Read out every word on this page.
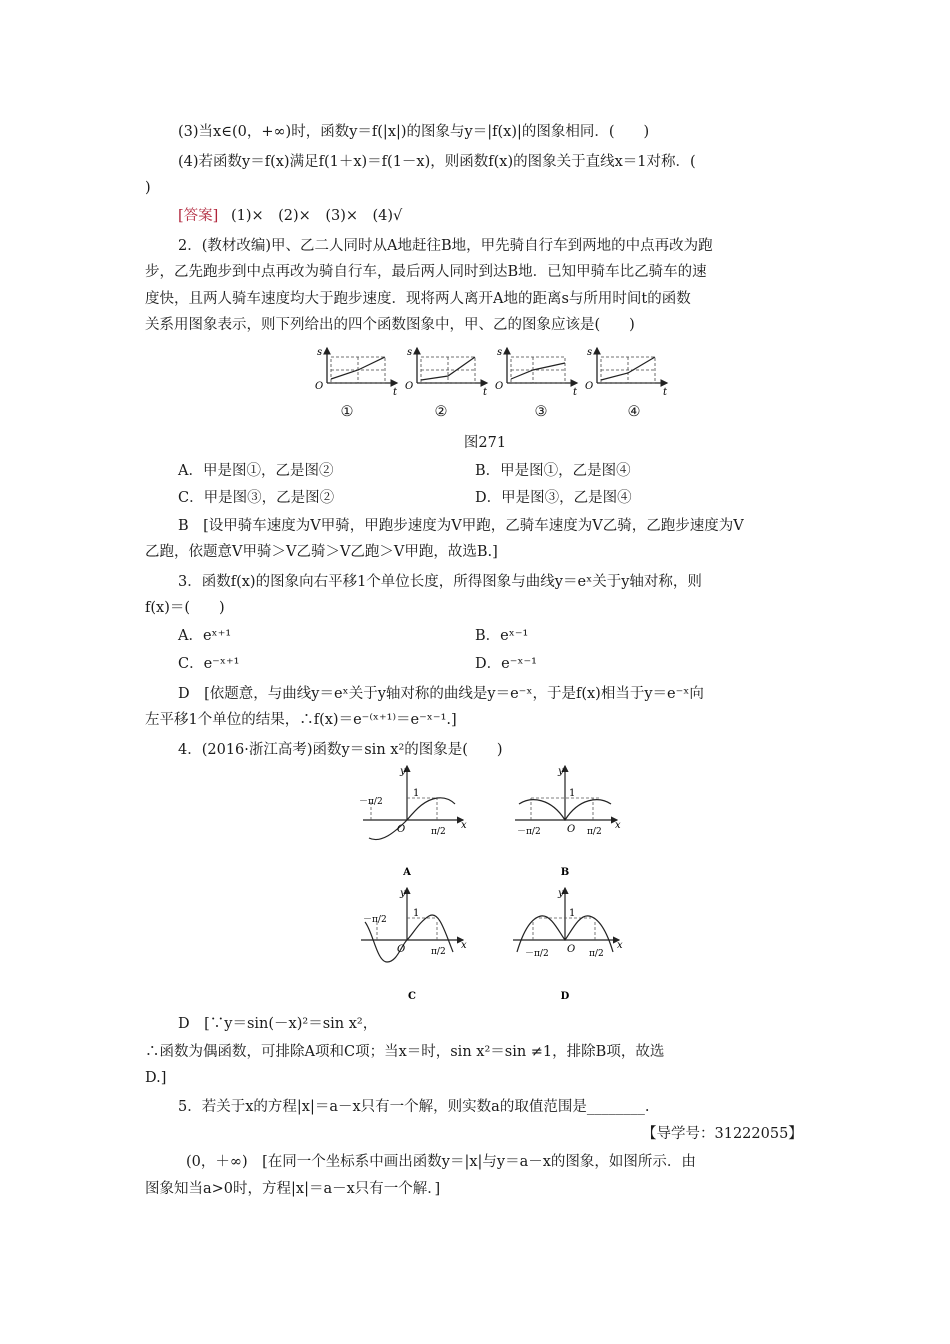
(3)当x∈(0，+∞)时，函数y＝f(|x|)的图象与y＝|f(x)|的图象相同．(　　)
(4)若函数y＝f(x)满足f(1＋x)＝f(1－x)，则函数f(x)的图象关于直线x＝1对称．(
)
[答案] (1)×　(2)×　(3)×　(4)√
2．(教材改编)甲、乙二人同时从A地赶往B地，甲先骑自行车到两地的中点再改为跑
步，乙先跑步到中点再改为骑自行车，最后两人同时到达B地．已知甲骑车比乙骑车的速
度快，且两人骑车速度均大于跑步速度．现将两人离开A地的距离s与所用时间t的函数
关系用图象表示，则下列给出的四个函数图象中，甲、乙的图象应该是(　　)
s
O
t
s
O
t
s
O
t
s
O
t
①	②	③	④
图271
A．甲是图①，乙是图②	B．甲是图①，乙是图④
C．甲是图③，乙是图②	D．甲是图③，乙是图④
B　[设甲骑车速度为V甲骑，甲跑步速度为V甲跑，乙骑车速度为V乙骑，乙跑步速度为V
乙跑，依题意V甲骑＞V乙骑＞V乙跑＞V甲跑，故选B.]
3．函数f(x)的图象向右平移1个单位长度，所得图象与曲线y＝eˣ关于y轴对称，则
f(x)＝(　　)
A．eˣ⁺¹	B．eˣ⁻¹
C．e⁻ˣ⁺¹	D．e⁻ˣ⁻¹
D　[依题意，与曲线y＝eˣ关于y轴对称的曲线是y＝e⁻ˣ，于是f(x)相当于y＝e⁻ˣ向
左平移1个单位的结果，∴f(x)＝e⁻⁽ˣ⁺¹⁾＝e⁻ˣ⁻¹.]
4．(2016·浙江高考)函数y＝sin x²的图象是(　　)
y
x
O
1
－π/2
π/2
A
y
x
O
1
－π/2	π/2
B
y
x
O
1
－π/2
π/2
C
y
x
O
1
－π/2	π/2
D
D　[∵y＝sin(－x)²＝sin x²，
∴函数为偶函数，可排除A项和C项；当x＝时，sin x²＝sin ≠1，排除B项，故选
D.]
5．若关于x的方程|x|＝a－x只有一个解，则实数a的取值范围是________.
【导学号：31222055】
(0，＋∞)　[在同一个坐标系中画出函数y＝|x|与y＝a－x的图象，如图所示．由
图象知当a>0时，方程|x|＝a－x只有一个解．]
